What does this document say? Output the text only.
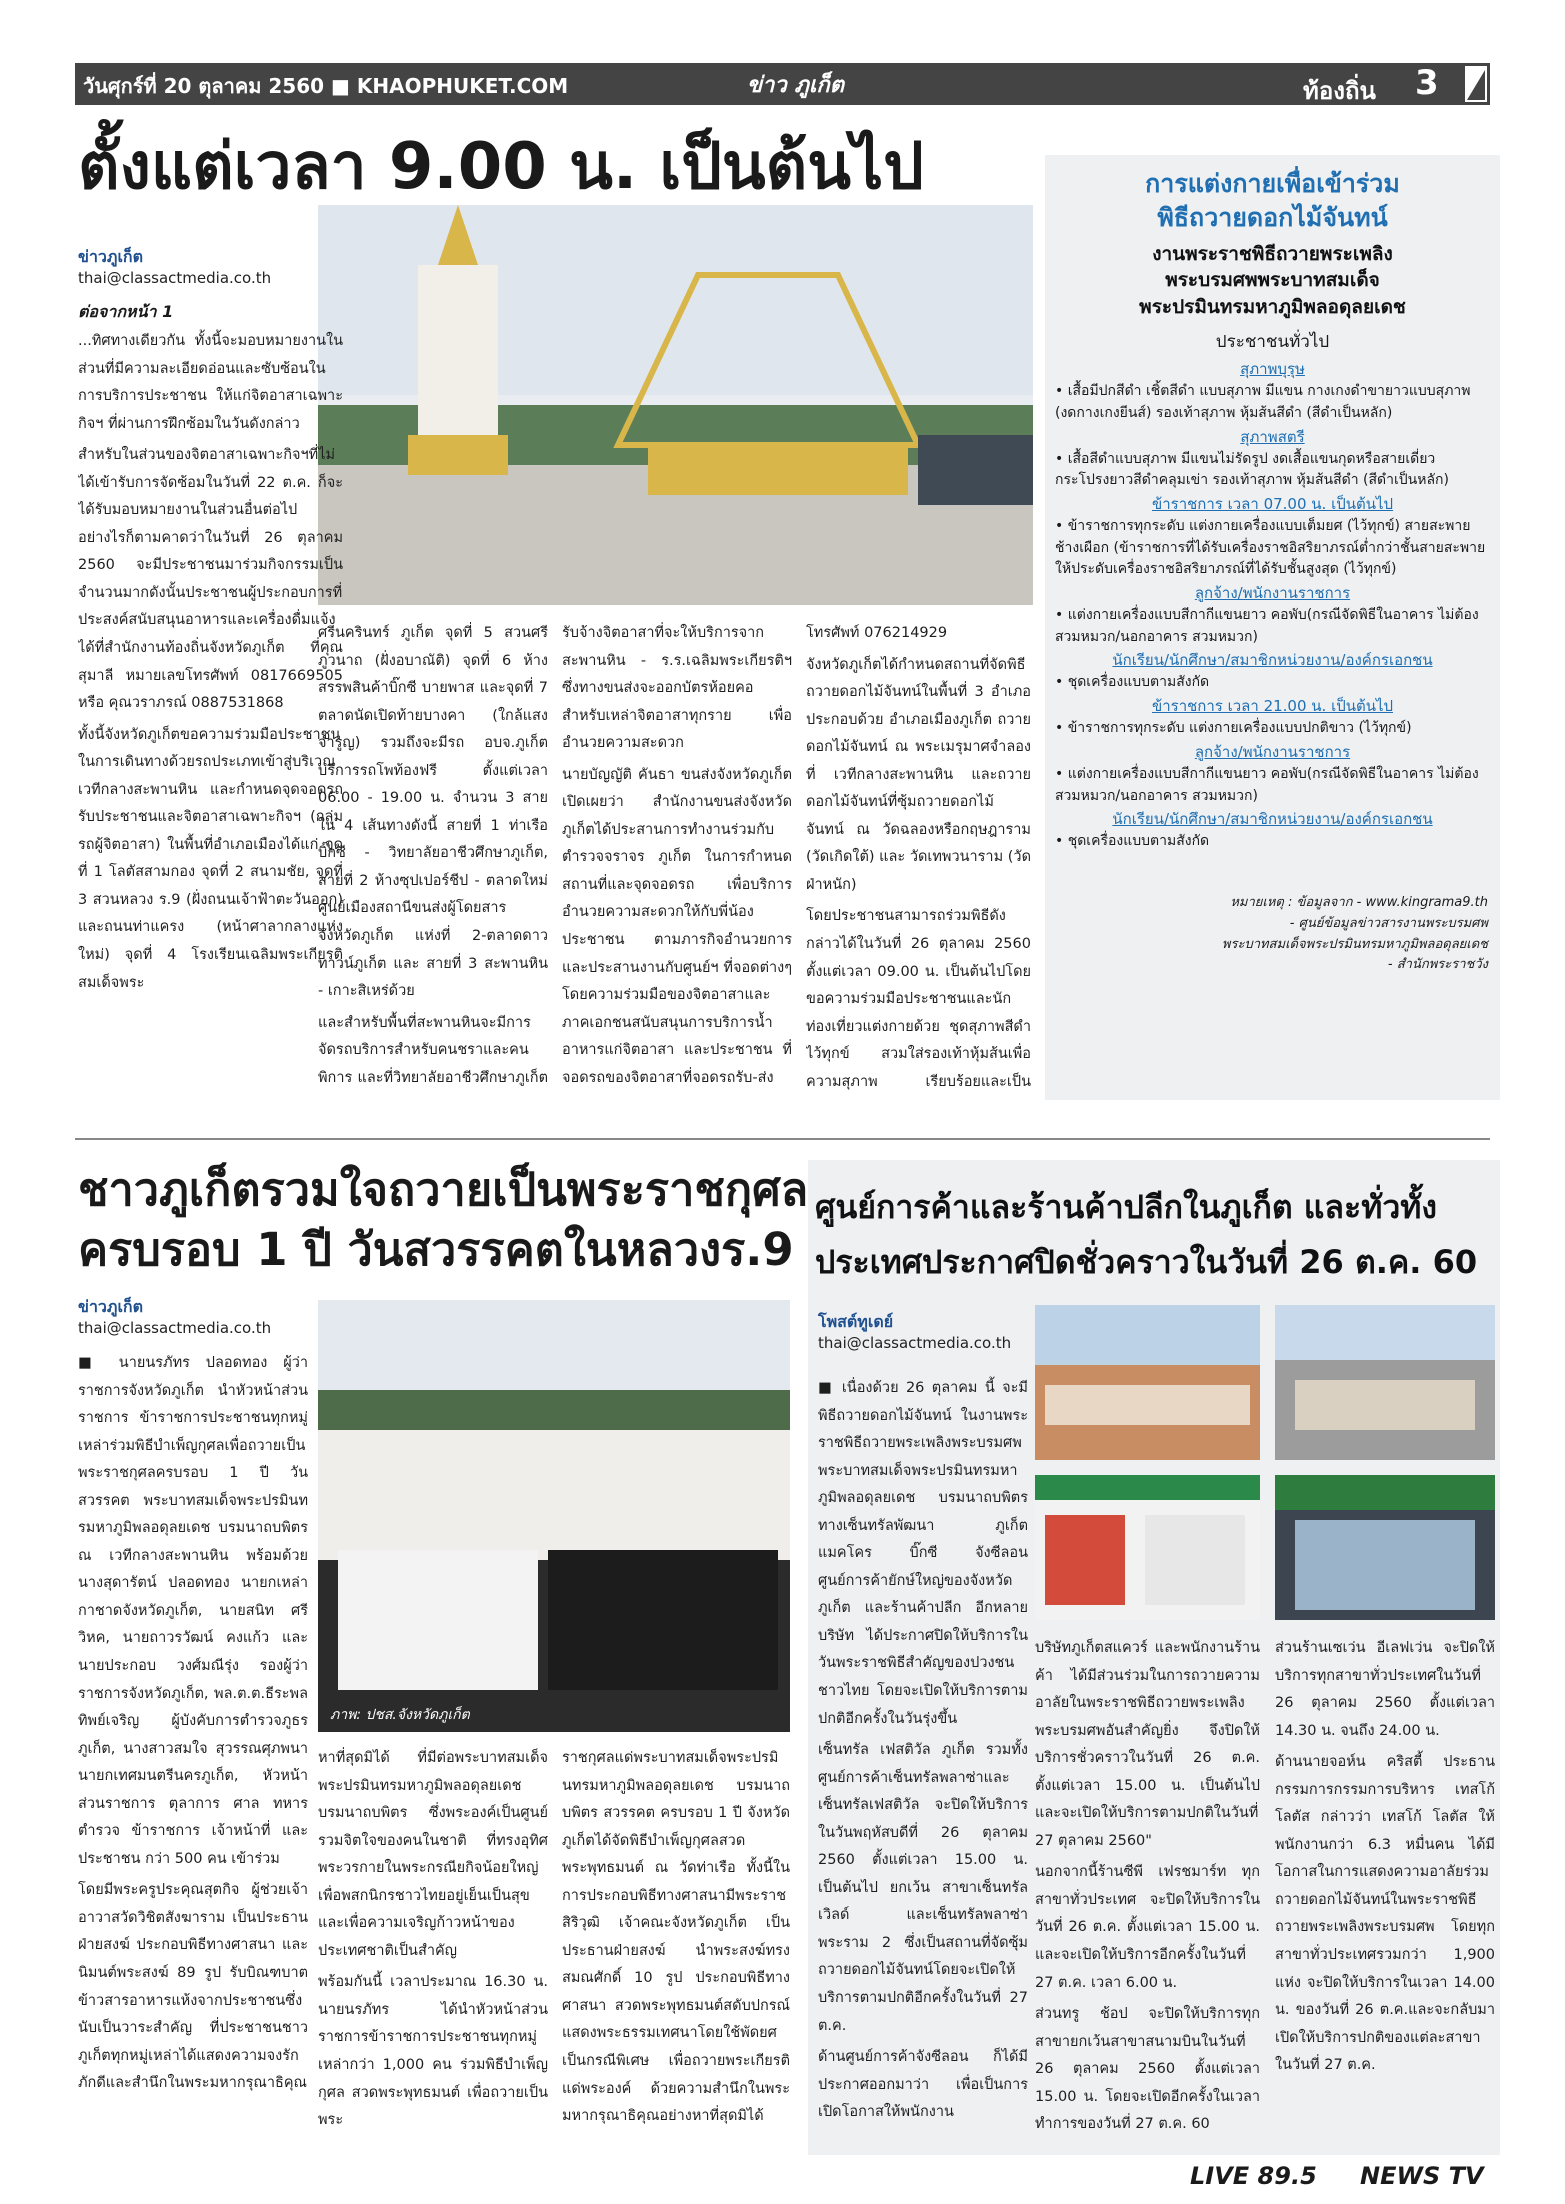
วันศุกร์ที่ 20 ตุลาคม 2560 ■ KHAOPHUKET.COM	ข่าว ภูเก็ต	ท้องถิ่น 3
ตั้งแต่เวลา 9.00 น. เป็นต้นไป
ข่าวภูเก็ต
thai@classactmedia.co.th
ต่อจากหน้า 1

...ทิศทางเดียวกัน ทั้งนี้จะมอบหมายงานในส่วนที่มีความละเอียดอ่อนและซับซ้อนในการบริการประชาชน ให้แก่จิตอาสาเฉพาะกิจฯ ที่ผ่านการฝึกซ้อมในวันดังกล่าว

สำหรับในส่วนของจิตอาสาเฉพาะกิจฯที่ไม่ได้เข้ารับการจัดซ้อมในวันที่ 22 ต.ค. ก็จะได้รับมอบหมายงานในส่วนอื่นต่อไป อย่างไรก็ตามคาดว่าในวันที่ 26 ตุลาคม 2560 จะมีประชาชนมาร่วมกิจกรรมเป็นจำนวนมากดังนั้นประชาชนผู้ประกอบการที่ประสงค์สนับสนุนอาหารและเครื่องดื่มแจ้งได้ที่สำนักงานท้องถิ่นจังหวัดภูเก็ต ที่คุณสุมาลี หมายเลขโทรศัพท์ 0817669505 หรือ คุณวราภรณ์ 0887531868

ทั้งนี้จังหวัดภูเก็ตขอความร่วมมือประชาชนในการเดินทางด้วยรถประเภทเข้าสู่บริเวณเวทีกลางสะพานหิน และกำหนดจุดจอดรถรับประชาชนและจิตอาสาเฉพาะกิจฯ (กลุ่มรถผู้จิตอาสา) ในพื้นที่อำเภอเมืองได้แก่ จุดที่ 1 โลตัสสามกอง จุดที่ 2 สนามชัย, จุดที่ 3 สวนหลวง ร.9 (ฝั่งถนนเจ้าฟ้าตะวันออก) และถนนท่าแครง (หน้าศาลากลางแห่งใหม่) จุดที่ 4 โรงเรียนเฉลิมพระเกียรติสมเด็จพระ

ศรีนครินทร์ ภูเก็ต จุดที่ 5 สวนศรีภูวนาถ (ฝั่งอบาณัติ) จุดที่ 6 ห้างสรรพสินค้าบิ๊กซี บายพาส และจุดที่ 7 ตลาดนัดเปิดท้ายบางคา (ใกล้แสงจำรูญ) รวมถึงจะมีรถ อบจ.ภูเก็ตบริการรถโพท้องฟรี ตั้งแต่เวลา 06.00 - 19.00 น. จำนวน 3 สาย ใน 4 เส้นทางดังนี้ สายที่ 1 ท่าเรือ บิ๊กซี - วิทยาลัยอาชีวศึกษาภูเก็ต, สายที่ 2 ห้างซุปเปอร์ชีป - ตลาดใหม่ศูนย์เมืองสถานีขนส่งผู้โดยสารจังหวัดภูเก็ต แห่งที่ 2-ตลาดดาวทาวน์ภูเก็ต และ สายที่ 3 สะพานหิน - เกาะสิเหร่ด้วย

และสำหรับพื้นที่สะพานหินจะมีการจัดรถบริการสำหรับคนชราและคนพิการ และที่วิทยาลัยอาชีวศึกษาภูเก็ต

รับจ้างจิตอาสาที่จะให้บริการจากสะพานหิน - ร.ร.เฉลิมพระเกียรติฯ ซึ่งทางขนส่งจะออกบัตรห้อยคอสำหรับเหล่าจิตอาสาทุกราย เพื่ออำนวยความสะดวก

นายบัญญัติ คันธา ขนส่งจังหวัดภูเก็ต เปิดเผยว่า สำนักงานขนส่งจังหวัดภูเก็ตได้ประสานการทำงานร่วมกับตำรวจจราจร ภูเก็ต ในการกำหนดสถานที่และจุดจอดรถ เพื่อบริการอำนวยความสะดวกให้กับพี่น้องประชาชน ตามภารกิจอำนวยการและประสานงานกับศูนย์ฯ ที่จอดต่างๆ โดยความร่วมมือของจิตอาสาและภาคเอกชนสนับสนุนการบริการน้ำ อาหารแก่จิตอาสา และประชาชน ที่จอดรถของจิตอาสาที่จอดรถรับ-ส่ง

โทรศัพท์ 076214929

จังหวัดภูเก็ตได้กำหนดสถานที่จัดพิธีถวายดอกไม้จันทน์ในพื้นที่ 3 อำเภอ ประกอบด้วย อำเภอเมืองภูเก็ต ถวายดอกไม้จันทน์ ณ พระเมรุมาศจำลอง ที่ เวทีกลางสะพานหิน และถวายดอกไม้จันทน์ที่ซุ้มถวายดอกไม้จันทน์ ณ วัดฉลองหรือกฤษฎาราม (วัดเกิดใต้) และ วัดเทพวนาราม (วัดฝ่าหนัก)

โดยประชาชนสามารถร่วมพิธีดังกล่าวได้ในวันที่ 26 ตุลาคม 2560 ตั้งแต่เวลา 09.00 น. เป็นต้นไปโดยขอความร่วมมือประชาชนและนักท่องเที่ยวแต่งกายด้วย ชุดสุภาพสีดำไว้ทุกข์ สวมใส่รองเท้าหุ้มส้นเพื่อความสุภาพ เรียบร้อยและเป็น

การแต่งกายเพื่อเข้าร่วม
พิธีถวายดอกไม้จันทน์
งานพระราชพิธีถวายพระเพลิง
พระบรมศพพระบาทสมเด็จ
พระปรมินทรมหาภูมิพลอดุลยเดช
ประชาชนทั่วไป
สุภาพบุรุษ
• เสื้อมีปกสีดำ เชิ้ตสีดำ แบบสุภาพ มีแขน กางเกงดำขายาวแบบสุภาพ (งดกางเกงยีนส์) รองเท้าสุภาพ หุ้มส้นสีดำ (สีดำเป็นหลัก)
สุภาพสตรี
• เสื้อสีดำแบบสุภาพ มีแขนไม่รัดรูป งดเสื้อแขนกุดหรือสายเดี่ยว กระโปรงยาวสีดำคลุมเข่า รองเท้าสุภาพ หุ้มส้นสีดำ (สีดำเป็นหลัก)
ข้าราชการ เวลา 07.00 น. เป็นต้นไป
• ข้าราชการทุกระดับ แต่งกายเครื่องแบบเต็มยศ (ไว้ทุกข์) สายสะพายช้างเผือก (ข้าราชการที่ได้รับเครื่องราชอิสริยาภรณ์ต่ำกว่าชั้นสายสะพายให้ประดับเครื่องราชอิสริยาภรณ์ที่ได้รับชั้นสูงสุด (ไว้ทุกข์)
ลูกจ้าง/พนักงานราชการ
• แต่งกายเครื่องแบบสีกากีแขนยาว คอพับ(กรณีจัดพิธีในอาคาร ไม่ต้องสวมหมวก/นอกอาคาร สวมหมวก)
นักเรียน/นักศึกษา/สมาชิกหน่วยงาน/องค์กรเอกชน
• ชุดเครื่องแบบตามสังกัด
ข้าราชการ เวลา 21.00 น. เป็นต้นไป
• ข้าราชการทุกระดับ แต่งกายเครื่องแบบปกติขาว (ไว้ทุกข์)
ลูกจ้าง/พนักงานราชการ
• แต่งกายเครื่องแบบสีกากีแขนยาว คอพับ(กรณีจัดพิธีในอาคาร ไม่ต้องสวมหมวก/นอกอาคาร สวมหมวก)
นักเรียน/นักศึกษา/สมาชิกหน่วยงาน/องค์กรเอกชน
• ชุดเครื่องแบบตามสังกัด
หมายเหตุ : ข้อมูลจาก - www.kingrama9.th
- ศูนย์ข้อมูลข่าวสารงานพระบรมศพ
พระบาทสมเด็จพระปรมินทรมหาภูมิพลอดุลยเดช
- สำนักพระราชวัง
ชาวภูเก็ตรวมใจถวายเป็นพระราชกุศล
ครบรอบ 1 ปี วันสวรรคตในหลวงร.9
ข่าวภูเก็ต
thai@classactmedia.co.th
ภาพ: ปชส.จังหวัดภูเก็ต

■ นายนรภัทร ปลอดทอง ผู้ว่าราชการจังหวัดภูเก็ต นำหัวหน้าส่วนราชการ ข้าราชการประชาชนทุกหมู่เหล่าร่วมพิธีบำเพ็ญกุศลเพื่อถวายเป็นพระราชกุศลครบรอบ 1 ปี วันสวรรคต พระบาทสมเด็จพระปรมินทรมหาภูมิพลอดุลยเดช บรมนาถบพิตร ณ เวทีกลางสะพานหิน พร้อมด้วย นางสุดารัตน์ ปลอดทอง นายกเหล่ากาชาดจังหวัดภูเก็ต, นายสนิท ศรีวิหค, นายถาวรวัฒน์ คงแก้ว และ นายประกอบ วงศ์มณีรุ่ง รองผู้ว่าราชการจังหวัดภูเก็ต, พล.ต.ต.ธีระพล ทิพย์เจริญ ผู้บังคับการตำรวจภูธรภูเก็ต, นางสาวสมใจ สุวรรณศุภพนา นายกเทศมนตรีนครภูเก็ต, หัวหน้าส่วนราชการ ตุลาการ ศาล ทหาร ตำรวจ ข้าราชการ เจ้าหน้าที่ และประชาชน กว่า 500 คน เข้าร่วม

โดยมีพระครูประคุณสุตกิจ ผู้ช่วยเจ้าอาวาสวัดวิชิตสังฆาราม เป็นประธานฝ่ายสงฆ์ ประกอบพิธีทางศาสนา และนิมนต์พระสงฆ์ 89 รูป รับบิณฑบาต ข้าวสารอาหารแห้งจากประชาชนซึ่งนับเป็นวาระสำคัญ ที่ประชาชนชาวภูเก็ตทุกหมู่เหล่าได้แสดงความจงรักภักดีและสำนึกในพระมหากรุณาธิคุณ

หาที่สุดมิได้ ที่มีต่อพระบาทสมเด็จพระปรมินทรมหาภูมิพลอดุลยเดช บรมนาถบพิตร ซึ่งพระองค์เป็นศูนย์รวมจิตใจของคนในชาติ ที่ทรงอุทิศพระวรกายในพระกรณียกิจน้อยใหญ่ เพื่อพสกนิกรชาวไทยอยู่เย็นเป็นสุข และเพื่อความเจริญก้าวหน้าของประเทศชาติเป็นสำคัญ

พร้อมกันนี้ เวลาประมาณ 16.30 น. นายนรภัทร ได้นำหัวหน้าส่วนราชการข้าราชการประชาชนทุกหมู่เหล่ากว่า 1,000 คน ร่วมพิธีบำเพ็ญกุศล สวดพระพุทธมนต์ เพื่อถวายเป็นพระ

ราชกุศลแด่พระบาทสมเด็จพระปรมินทรมหาภูมิพลอดุลยเดช บรมนาถบพิตร สวรรคต ครบรอบ 1 ปี จังหวัดภูเก็ตได้จัดพิธีบำเพ็ญกุศลสวดพระพุทธมนต์ ณ วัดท่าเรือ ทั้งนี้ในการประกอบพิธีทางศาสนามีพระราชสิริวุฒิ เจ้าคณะจังหวัดภูเก็ต เป็นประธานฝ่ายสงฆ์ นำพระสงฆ์ทรงสมณศักดิ์ 10 รูป ประกอบพิธีทางศาสนา สวดพระพุทธมนต์สดับปกรณ์ แสดงพระธรรมเทศนาโดยใช้พัดยศเป็นกรณีพิเศษ เพื่อถวายพระเกียรติแด่พระองค์ ด้วยความสำนึกในพระมหากรุณาธิคุณอย่างหาที่สุดมิได้

ศูนย์การค้าและร้านค้าปลีกในภูเก็ต และทั่วทั้ง
ประเทศประกาศปิดชั่วคราวในวันที่ 26 ต.ค. 60
โพสต์ทูเดย์
thai@classactmedia.co.th

■ เนื่องด้วย 26 ตุลาคม นี้ จะมีพิธีถวายดอกไม้จันทน์ ในงานพระราชพิธีถวายพระเพลิงพระบรมศพ พระบาทสมเด็จพระปรมินทรมหาภูมิพลอดุลยเดช บรมนาถบพิตร ทางเซ็นทรัลพัฒนา ภูเก็ต แมคโคร บิ๊กซี จังซีลอน ศูนย์การค้ายักษ์ใหญ่ของจังหวัดภูเก็ต และร้านค้าปลีก อีกหลายบริษัท ได้ประกาศปิดให้บริการในวันพระราชพิธีสำคัญของปวงชนชาวไทย โดยจะเปิดให้บริการตามปกติอีกครั้งในวันรุ่งขึ้น

เซ็นทรัล เฟสติวัล ภูเก็ต รวมทั้งศูนย์การค้าเซ็นทรัลพลาซ่าและเซ็นทรัลเฟสติวัล จะปิดให้บริการในวันพฤหัสบดีที่ 26 ตุลาคม 2560 ตั้งแต่เวลา 15.00 น. เป็นต้นไป ยกเว้น สาขาเซ็นทรัลเวิลด์ และเซ็นทรัลพลาซ่า พระราม 2 ซึ่งเป็นสถานที่จัดซุ้มถวายดอกไม้จันทน์โดยจะเปิดให้บริการตามปกติอีกครั้งในวันที่ 27 ต.ค.

ด้านศูนย์การค้าจังซีลอน ก็ได้มีประกาศออกมาว่า เพื่อเป็นการเปิดโอกาสให้พนักงาน

บริษัทภูเก็ตสแควร์ และพนักงานร้านค้า ได้มีส่วนร่วมในการถวายความอาลัยในพระราชพิธีถวายพระเพลิงพระบรมศพอันสำคัญยิ่ง จึงปิดให้บริการชั่วคราวในวันที่ 26 ต.ค. ตั้งแต่เวลา 15.00 น. เป็นต้นไป และจะเปิดให้บริการตามปกติในวันที่ 27 ตุลาคม 2560"

นอกจากนี้ร้านซีพี เฟรชมาร์ท ทุกสาขาทั่วประเทศ จะปิดให้บริการในวันที่ 26 ต.ค. ตั้งแต่เวลา 15.00 น. และจะเปิดให้บริการอีกครั้งในวันที่ 27 ต.ค. เวลา 6.00 น.

ส่วนทรู ช้อป จะปิดให้บริการทุกสาขายกเว้นสาขาสนามบินในวันที่ 26 ตุลาคม 2560 ตั้งแต่เวลา 15.00 น. โดยจะเปิดอีกครั้งในเวลาทำการของวันที่ 27 ต.ค. 60

ส่วนร้านเซเว่น อีเลฟเว่น จะปิดให้บริการทุกสาขาทั่วประเทศในวันที่ 26 ตุลาคม 2560 ตั้งแต่เวลา 14.30 น. จนถึง 24.00 น.

ด้านนายจอห์น คริสตี้ ประธานกรรมการกรรมการบริหาร เทสโก้ โลตัส กล่าวว่า เทสโก้ โลตัส ให้พนักงานกว่า 6.3 หมื่นคน ได้มีโอกาสในการแสดงความอาลัยร่วมถวายดอกไม้จันทน์ในพระราชพิธีถวายพระเพลิงพระบรมศพ โดยทุกสาขาทั่วประเทศรวมกว่า 1,900 แห่ง จะปิดให้บริการในเวลา 14.00 น. ของวันที่ 26 ต.ค.และจะกลับมาเปิดให้บริการปกติของแต่ละสาขาในวันที่ 27 ต.ค.

LIVE 89.5 NEWS TV
